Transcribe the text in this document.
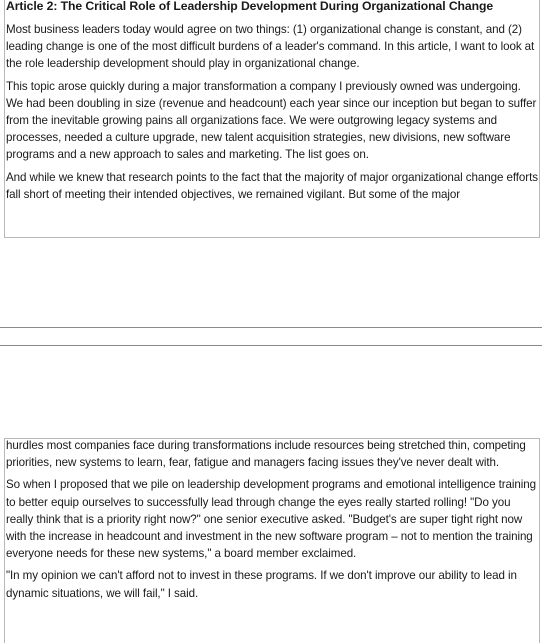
Article 2: The Critical Role of Leadership Development During Organizational Change

Most business leaders today would agree on two things: (1) organizational change is constant, and (2) leading change is one of the most difficult burdens of a leader's command. In this article, I want to look at the role leadership development should play in organizational change.

This topic arose quickly during a major transformation a company I previously owned was undergoing. We had been doubling in size (revenue and headcount) each year since our inception but began to suffer from the inevitable growing pains all organizations face. We were outgrowing legacy systems and processes, needed a culture upgrade, new talent acquisition strategies, new divisions, new software programs and a new approach to sales and marketing. The list goes on.

And while we knew that research points to the fact that the majority of major organizational change efforts fall short of meeting their intended objectives, we remained vigilant. But some of the major

hurdles most companies face during transformations include resources being stretched thin, competing priorities, new systems to learn, fear, fatigue and managers facing issues they've never dealt with.

So when I proposed that we pile on leadership development programs and emotional intelligence training to better equip ourselves to successfully lead through change the eyes really started rolling! "Do you really think that is a priority right now?" one senior executive asked. "Budget's are super tight right now with the increase in headcount and investment in the new software program – not to mention the training everyone needs for these new systems," a board member exclaimed.

"In my opinion we can't afford not to invest in these programs. If we don't improve our ability to lead in dynamic situations, we will fail," I said.
